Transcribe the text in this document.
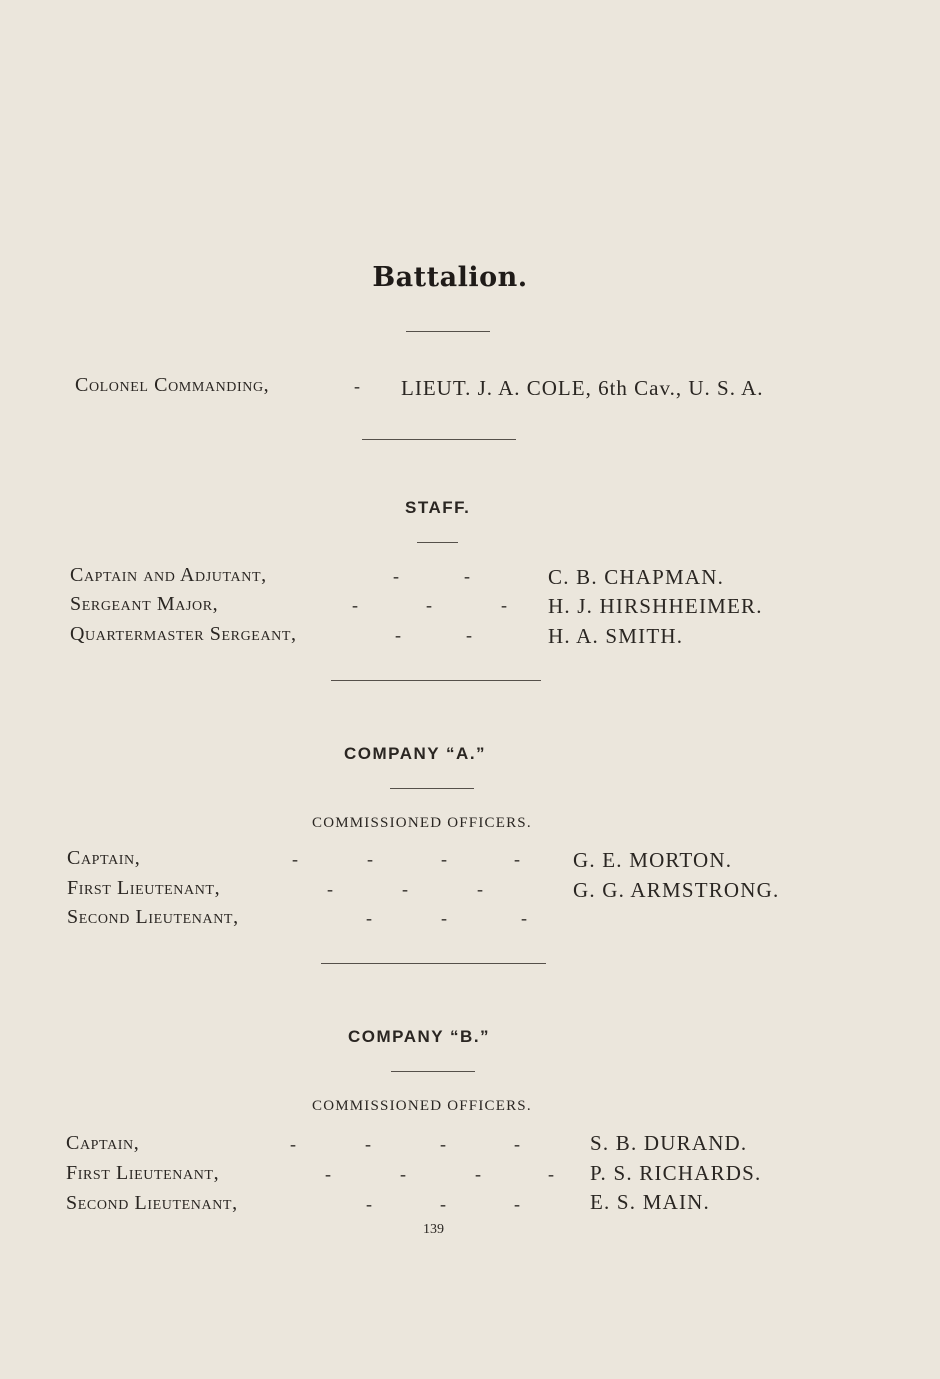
Battalion.
Colonel Commanding,	- LIEUT. J. A. COLE, 6th Cav., U. S. A.
STAFF.
Captain and Adjutant,	-	-	C. B. CHAPMAN.
Sergeant Major,	-	-	- H. J. HIRSHHEIMER.
Quartermaster Sergeant,	-	-	H. A. SMITH.
COMPANY “A.”
COMMISSIONED OFFICERS.
Captain,	-	-	-	-	G. E. MORTON.
First Lieutenant,	-	-	-	G. G. ARMSTRONG.
Second Lieutenant,	-	-	-
COMPANY “B.”
COMMISSIONED OFFICERS.
Captain,	-	-	-	-	S. B. DURAND.
First Lieutenant,	-	-	-	- P. S. RICHARDS.
Second Lieutenant,	-	-	-	E. S. MAIN.
139
